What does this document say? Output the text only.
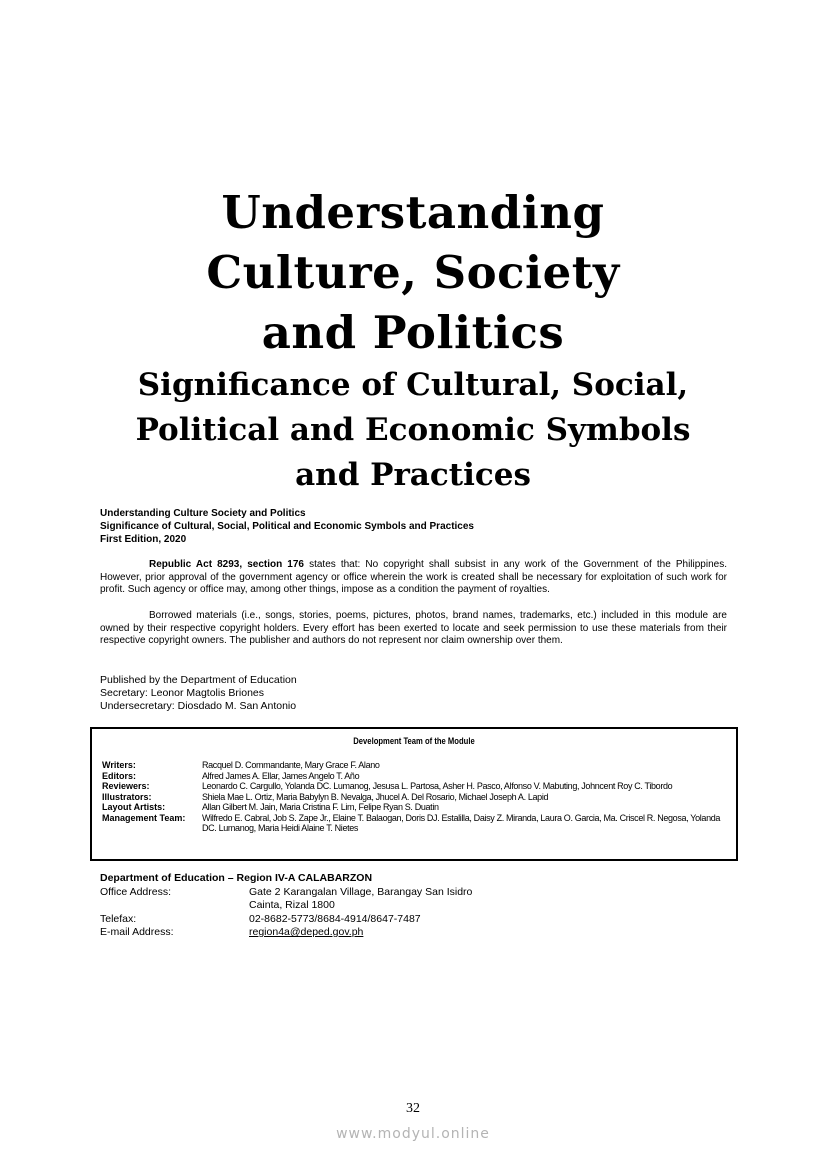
Understanding
Culture, Society
and Politics
Significance of Cultural, Social,
Political and Economic Symbols
and Practices
Understanding Culture Society and Politics
Significance of Cultural, Social, Political and Economic Symbols and Practices
First Edition, 2020

Republic Act 8293, section 176 states that: No copyright shall subsist in any work of the Government of the Philippines. However, prior approval of the government agency or office wherein the work is created shall be necessary for exploitation of such work for profit. Such agency or office may, among other things, impose as a condition the payment of royalties.

Borrowed materials (i.e., songs, stories, poems, pictures, photos, brand names, trademarks, etc.) included in this module are owned by their respective copyright holders. Every effort has been exerted to locate and seek permission to use these materials from their respective copyright owners. The publisher and authors do not represent nor claim ownership over them.

Published by the Department of Education
Secretary: Leonor Magtolis Briones
Undersecretary: Diosdado M. San Antonio
Development Team of the Module
Writers:	Racquel D. Commandante, Mary Grace F. Alano
Editors:	Alfred James A. Ellar, James Angelo T. Año
Reviewers:	Leonardo C. Cargullo, Yolanda DC. Lumanog, Jesusa L. Partosa, Asher H. Pasco, Alfonso V. Mabuting, Johncent Roy C. Tibordo
Illustrators:	Shiela Mae L. Ortiz, Maria Babylyn B. Nevalga, Jhucel A. Del Rosario, Michael Joseph A. Lapid
Layout Artists:	Allan Gilbert M. Jain, Maria Cristina F. Lim, Felipe Ryan S. Duatin
Management Team:	Wilfredo E. Cabral, Job S. Zape Jr., Elaine T. Balaogan, Doris DJ. Estalilla, Daisy Z. Miranda, Laura O. Garcia, Ma. Criscel R. Negosa, Yolanda DC. Lumanog, Maria Heidi Alaine T. Nietes
Department of Education – Region IV-A CALABARZON
Office Address:	Gate 2 Karangalan Village, Barangay San Isidro
Cainta, Rizal 1800
Telefax:	02-8682-5773/8684-4914/8647-7487
E-mail Address:	region4a@deped.gov.ph
32
www.modyul.online
